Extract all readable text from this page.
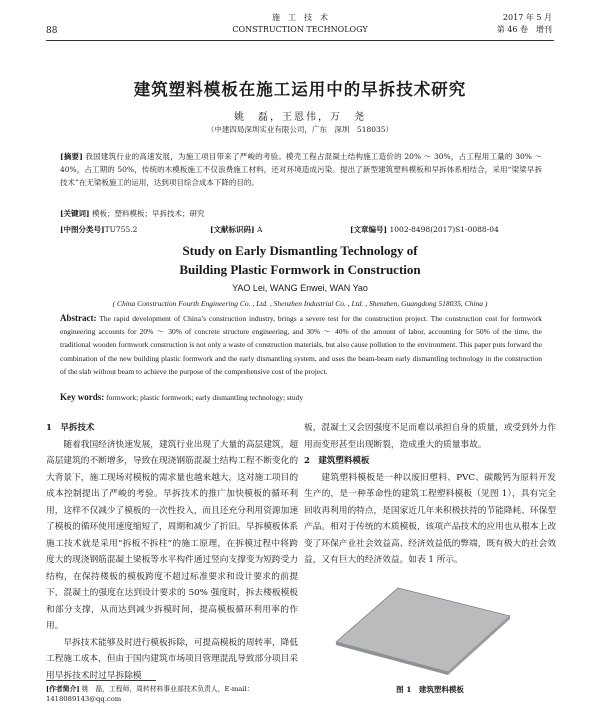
88
施　工　技　术
CONSTRUCTION TECHNOLOGY
2017 年 5 月
第 46 卷　增刊
建筑塑料模板在施工运用中的早拆技术研究
姚　磊，王恩伟，万　尧
（中建四局深圳实业有限公司，广东　深圳　518035）
[摘要] 我国建筑行业的高速发展，为施工项目带来了严峻的考验。模壳工程占混凝土结构施工造价的 20% ～ 30%，占工程用工量的 30% ～ 40%，占工期的 50%，传统的木模板施工不仅浪费施工材料，还对环境造成污染。提出了新型建筑塑料模板和早拆体系相结合，采用“梁梁早拆技术”在无梁板施工的运用，达到项目综合成本下降的目的。
[关键词] 模板；塑料模板；早拆技术；研究
[中图分类号]TU755.2	[文献标识码] A	[文章编号] 1002-8498(2017)S1-0088-04
Study on Early Dismantling Technology of
Building Plastic Formwork in Construction
YAO Lei, WANG Enwei, WAN Yao
( China Construction Fourth Engineering Co. , Ltd. , Shenzhen Industrial Co. , Ltd. , Shenzhen, Guangdong 518035, China )
Abstract: The rapid development of China’s construction industry, brings a severe test for the construction project. The construction cost for formwork engineering accounts for 20% ～ 30% of concrete structure engineering, and 30% ～ 40% of the amount of labor, accounting for 50% of the time, the traditional wooden formwork construction is not only a waste of construction materials, but also cause pollution to the environment. This paper puts forward the combination of the new building plastic formwork and the early dismantling system, and uses the beam-beam early dismantling technology in the construction of the slab without beam to achieve the purpose of the comprehensive cost of the project.
Key words: formwork; plastic formwork; early dismantling technology; study
1　早拆技术
随着我国经济快速发展，建筑行业出现了大量的高层建筑，超高层建筑的不断增多，导致在现浇钢筋混凝土结构工程不断变化的大背景下，施工现场对模板的需求量也越来越大，这对施工项目的成本控制提出了严峻的考验。早拆技术的推广加快模板的循环利用，这样不仅减少了模板的一次性投入，而且还充分利用资源加速了模板的循环使用速度缩短了，周期和减少了折旧。早拆模板体系施工技术就是采用“拆板不拆柱”的施工原理，在拆模过程中将跨度大的现浇钢筋混凝土梁板等水平构件通过竖向支撑变为短跨受力结构，在保持楼板的模板跨度不超过标准要求和设计要求的前提下，混凝土的强度在达到设计要求的 50% 强度时，拆去楼板模板和部分支撑，从而达到减少拆模时间，提高模板循环利用率的作用。
早拆技术能够及时进行模板拆除，可提高模板的周转率，降低工程施工成本，但由于国内建筑市场项目管理混乱导致部分项目采用早拆技术时过早拆除模
板，混凝土又会因强度不足而难以承担自身的质量，或受到外力作用而变形甚至出现断裂，造成重大的质量事故。
2　建筑塑料模板
建筑塑料模板是一种以废旧塑料、PVC、碳酸钙为原料开发生产的，是一种革命性的建筑工程塑料模板（见图 1），具有完全回收再利用的特点，是国家近几年来积极扶持的节能降耗、环保型产品。相对于传统的木质模板，该项产品技术的应用也从根本上改变了环保产业社会效益高、经济效益低的弊端，既有极大的社会效益，又有巨大的经济效益。如表 1 所示。
图 1　建筑塑料模板
[作者简介] 姚　磊，工程师，周转材料事业部技术负责人，E-mail：1418089143@qq.com
